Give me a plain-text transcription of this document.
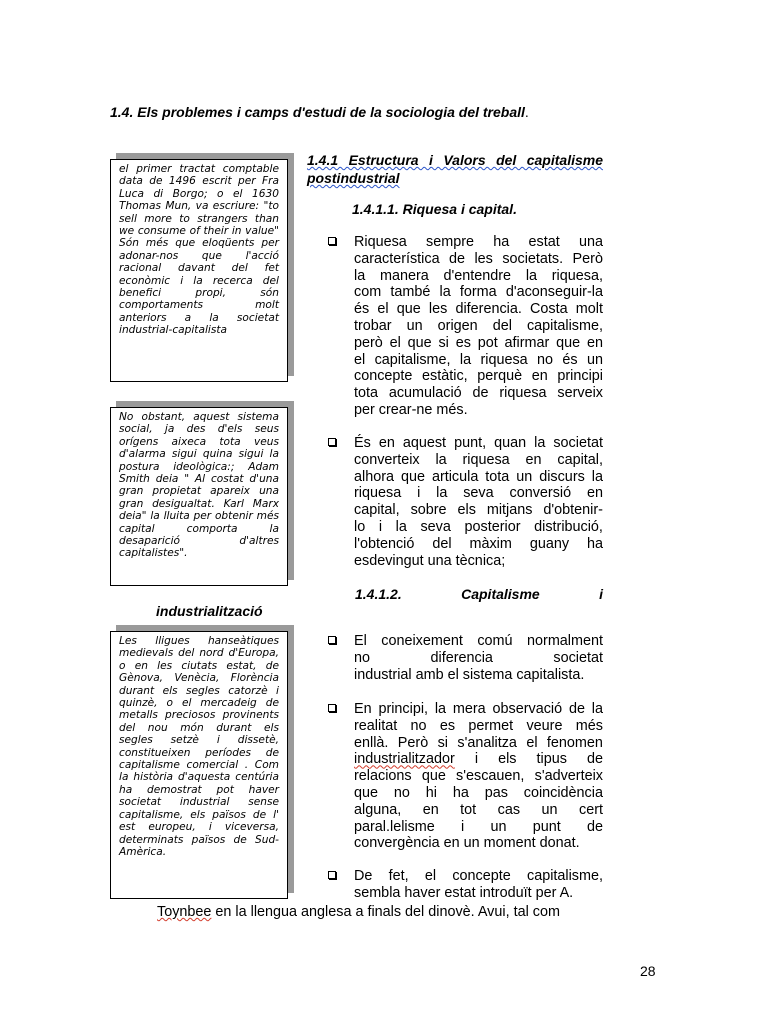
1.4. Els problemes i camps d'estudi de la sociologia del treball.

el primer tractat comptable data de 1496 escrit per Fra Luca di Borgo; o el 1630 Thomas Mun, va escriure: "to sell more to strangers than we consume of their in value" Són més que eloqüents per adonar-nos que l'acció racional davant del fet econòmic i la recerca del benefici propi, són comportaments molt anteriors a la societat industrial-capitalista

No obstant, aquest sistema social, ja des d'els seus orígens aixeca tota veus d'alarma sigui quina sigui la postura ideològica:; Adam Smith deia " Al costat d'una gran propietat apareix una gran desigualtat. Karl Marx deia" la lluita per obtenir més capital comporta la desaparició d'altres capitalistes".

Les lligues hanseàtiques medievals del nord d'Europa, o en les ciutats estat, de Gènova, Venècia, Florència durant els segles catorzè i quinzè, o el mercadeig de metalls preciosos provinents del nou món durant els segles setzè i dissetè, constitueixen períodes de capitalisme comercial . Com la història d'aquesta centúria ha demostrat pot haver societat industrial sense capitalisme, els països de l' est europeu, i viceversa, determinats països de Sud-Amèrica.

1.4.1 Estructura i Valors del capitalisme postindustrial
1.4.1.1. Riquesa i capital.
Riquesa sempre ha estat una
característica de les societats. Però
la manera d'entendre la riquesa,
com també la forma d'aconseguir-la
és el que les diferencia. Costa molt
trobar un origen del capitalisme,
però el que si es pot afirmar que en
el capitalisme, la riquesa no és un
concepte estàtic, perquè en principi
tota acumulació de riquesa serveix
per crear-ne més.
És en aquest punt, quan la societat
converteix la riquesa en capital,
alhora que articula tota un discurs la
riquesa i la seva conversió en
capital, sobre els mitjans d'obtenir-
lo i la seva posterior distribució,
l'obtenció del màxim guany ha
esdevingut una tècnica;
1.4.1.2.	Capitalisme	i
industrialització
El coneixement comú normalment
no	diferencia	societat
industrial amb el sistema capitalista.
En principi, la mera observació de la
realitat no es permet veure més
enllà. Però si s'analitza el fenomen
industrialitzador i els tipus de
relacions que s'escauen, s'adverteix
que no hi ha pas coincidència
alguna, en tot cas un cert
paral.lelisme i un punt de
convergència en un moment donat.
De fet, el concepte capitalisme,
sembla haver estat introduït per A.
Toynbee en la llengua anglesa a finals del dinovè. Avui, tal com
28
